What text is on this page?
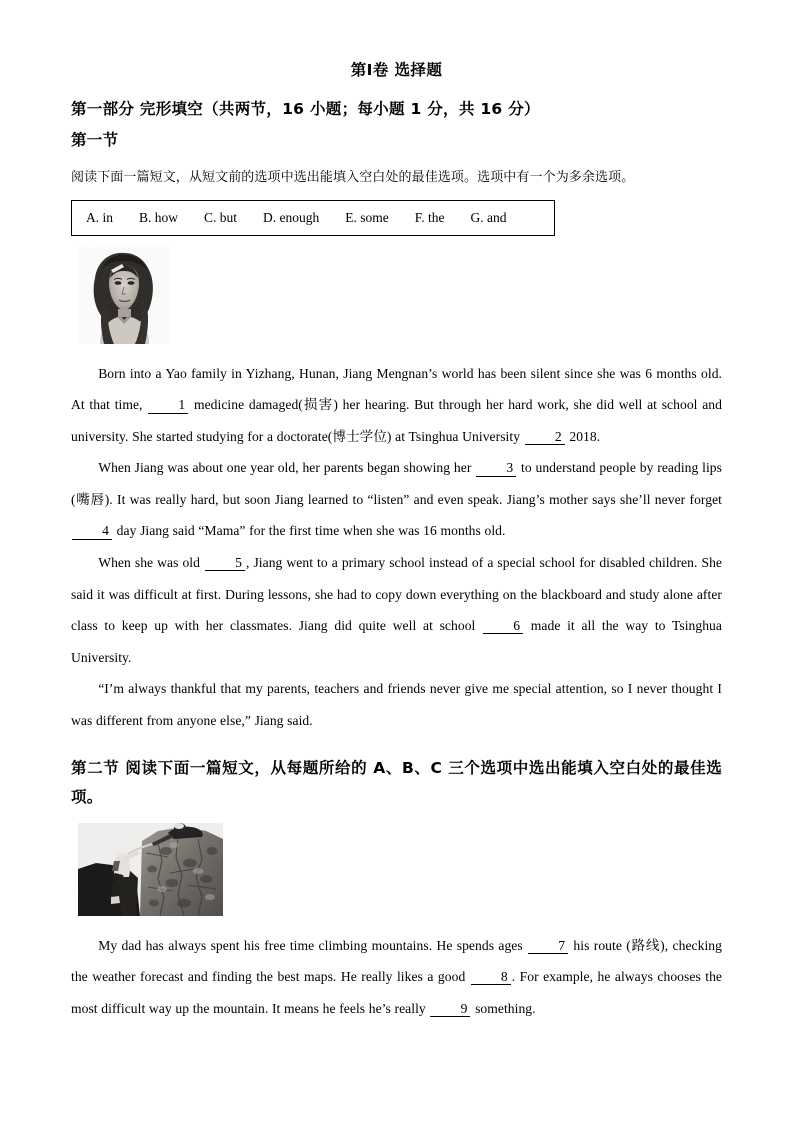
第Ⅰ卷 选择题
第一部分 完形填空（共两节，16 小题；每小题 1 分，共 16 分）
第一节
阅读下面一篇短文，从短文前的选项中选出能填入空白处的最佳选项。选项中有一个为多余选项。
A. in B. how C. but D. enough E. some F. the G. and

Born into a Yao family in Yizhang, Hunan, Jiang Mengnan’s world has been silent since she was 6 months old. At that time, 1 medicine damaged(损害) her hearing. But through her hard work, she did well at school and university. She started studying for a doctorate(博士学位) at Tsinghua University 2 2018.

When Jiang was about one year old, her parents began showing her 3 to understand people by reading lips (嘴唇). It was really hard, but soon Jiang learned to “listen” and even speak. Jiang’s mother says she’ll never forget 4 day Jiang said “Mama” for the first time when she was 16 months old.

When she was old 5 , Jiang went to a primary school instead of a special school for disabled children. She said it was difficult at first. During lessons, she had to copy down everything on the blackboard and study alone after class to keep up with her classmates. Jiang did quite well at school 6 made it all the way to Tsinghua University.

“I’m always thankful that my parents, teachers and friends never give me special attention, so I never thought I was different from anyone else,” Jiang said.

第二节 阅读下面一篇短文，从每题所给的 A、B、C 三个选项中选出能填入空白处的最佳选项。

My dad has always spent his free time climbing mountains. He spends ages 7 his route (路线), checking the weather forecast and finding the best maps. He really likes a good 8 . For example, he always chooses the most difficult way up the mountain. It means he feels he’s really 9 something.
